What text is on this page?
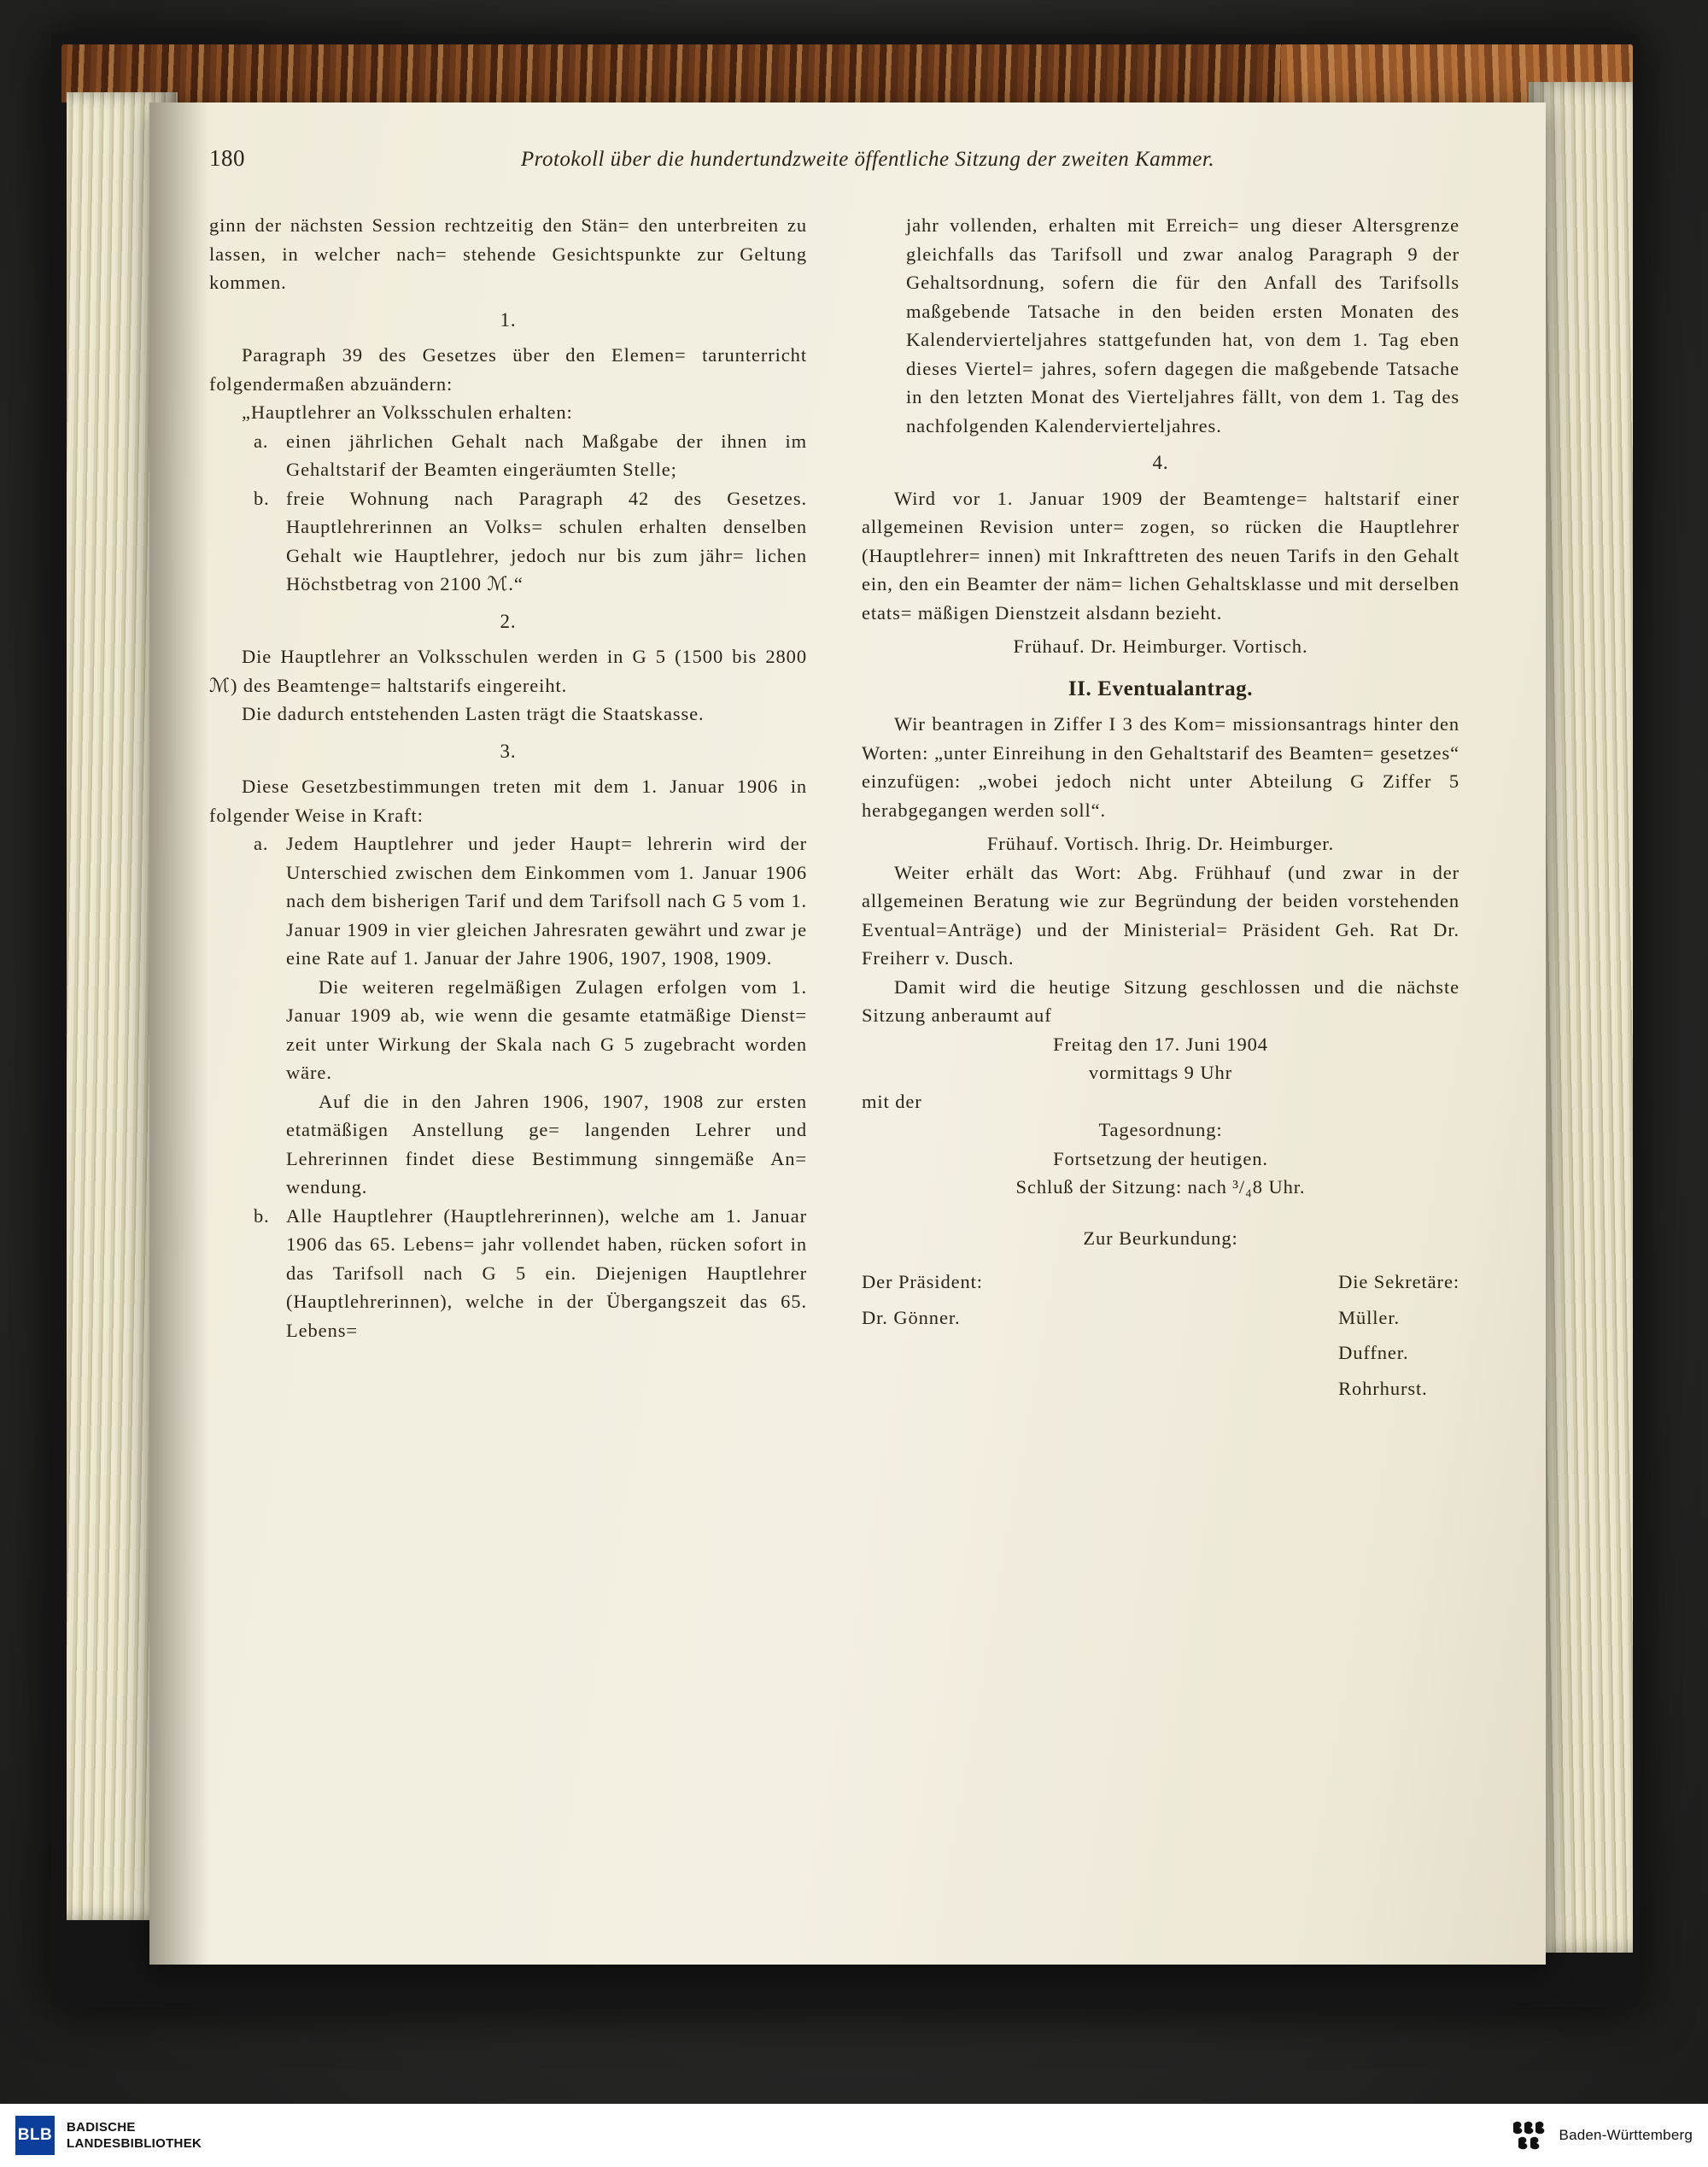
180	Protokoll über die hundertundzweite öffentliche Sitzung der zweiten Kammer.

ginn der nächsten Session rechtzeitig den Stän= den unterbreiten zu lassen, in welcher nach= stehende Gesichtspunkte zur Geltung kommen.

1.

Paragraph 39 des Gesetzes über den Elemen= tarunterricht folgendermaßen abzuändern:

„Hauptlehrer an Volksschulen erhalten:

a. einen jährlichen Gehalt nach Maßgabe der ihnen im Gehaltstarif der Beamten eingeräumten Stelle;
b. freie Wohnung nach Paragraph 42 des Gesetzes. Hauptlehrerinnen an Volks= schulen erhalten denselben Gehalt wie Hauptlehrer, jedoch nur bis zum jähr= lichen Höchstbetrag von 2100 ℳ.“

2.

Die Hauptlehrer an Volksschulen werden in G 5 (1500 bis 2800 ℳ) des Beamtenge= haltstarifs eingereiht.

Die dadurch entstehenden Lasten trägt die Staatskasse.

3.

Diese Gesetzbestimmungen treten mit dem 1. Januar 1906 in folgender Weise in Kraft:

a. Jedem Hauptlehrer und jeder Haupt= lehrerin wird der Unterschied zwischen dem Einkommen vom 1. Januar 1906 nach dem bisherigen Tarif und dem Tarifsoll nach G 5 vom 1. Januar 1909 in vier gleichen Jahresraten gewährt und zwar je eine Rate auf 1. Januar der Jahre 1906, 1907, 1908, 1909.
Die weiteren regelmäßigen Zulagen erfolgen vom 1. Januar 1909 ab, wie wenn die gesamte etatmäßige Dienst= zeit unter Wirkung der Skala nach G 5 zugebracht worden wäre.
Auf die in den Jahren 1906, 1907, 1908 zur ersten etatmäßigen Anstellung ge= langenden Lehrer und Lehrerinnen findet diese Bestimmung sinngemäße An= wendung.
b. Alle Hauptlehrer (Hauptlehrerinnen), welche am 1. Januar 1906 das 65. Lebens= jahr vollendet haben, rücken sofort in das Tarifsoll nach G 5 ein. Diejenigen Hauptlehrer (Hauptlehrerinnen), welche in der Übergangszeit das 65. Lebens=

jahr vollenden, erhalten mit Erreich= ung dieser Altersgrenze gleichfalls das Tarifsoll und zwar analog Paragraph 9 der Gehaltsordnung, sofern die für den Anfall des Tarifsolls maßgebende Tatsache in den beiden ersten Monaten des Kalendervierteljahres stattgefunden hat, von dem 1. Tag eben dieses Viertel= jahres, sofern dagegen die maßgebende Tatsache in den letzten Monat des Vierteljahres fällt, von dem 1. Tag des nachfolgenden Kalendervierteljahres.

4.

Wird vor 1. Januar 1909 der Beamtenge= haltstarif einer allgemeinen Revision unter= zogen, so rücken die Hauptlehrer (Hauptlehrer= innen) mit Inkrafttreten des neuen Tarifs in den Gehalt ein, den ein Beamter der näm= lichen Gehaltsklasse und mit derselben etats= mäßigen Dienstzeit alsdann bezieht.

Frühauf. Dr. Heimburger. Vortisch.

II. Eventualantrag.

Wir beantragen in Ziffer I 3 des Kom= missionsantrags hinter den Worten: „unter Einreihung in den Gehaltstarif des Beamten= gesetzes“ einzufügen: „wobei jedoch nicht unter Abteilung G Ziffer 5 herabgegangen werden soll“.

Frühauf. Vortisch. Ihrig. Dr. Heimburger.

Weiter erhält das Wort: Abg. Frühhauf (und zwar in der allgemeinen Beratung wie zur Begründung der beiden vorstehenden Eventual=Anträge) und der Ministerial= Präsident Geh. Rat Dr. Freiherr v. Dusch.

Damit wird die heutige Sitzung geschlossen und die nächste Sitzung anberaumt auf

Freitag den 17. Juni 1904

vormittags 9 Uhr

mit der

Tagesordnung:

Fortsetzung der heutigen.

Schluß der Sitzung: nach ³/₄8 Uhr.

Zur Beurkundung:

Der Präsident:
Dr. Gönner.
Die Sekretäre:
Müller.
Duffner.
Rohrhurst.
BLB BADISCHE
LANDESBIBLIOTHEK
Baden-Württemberg
